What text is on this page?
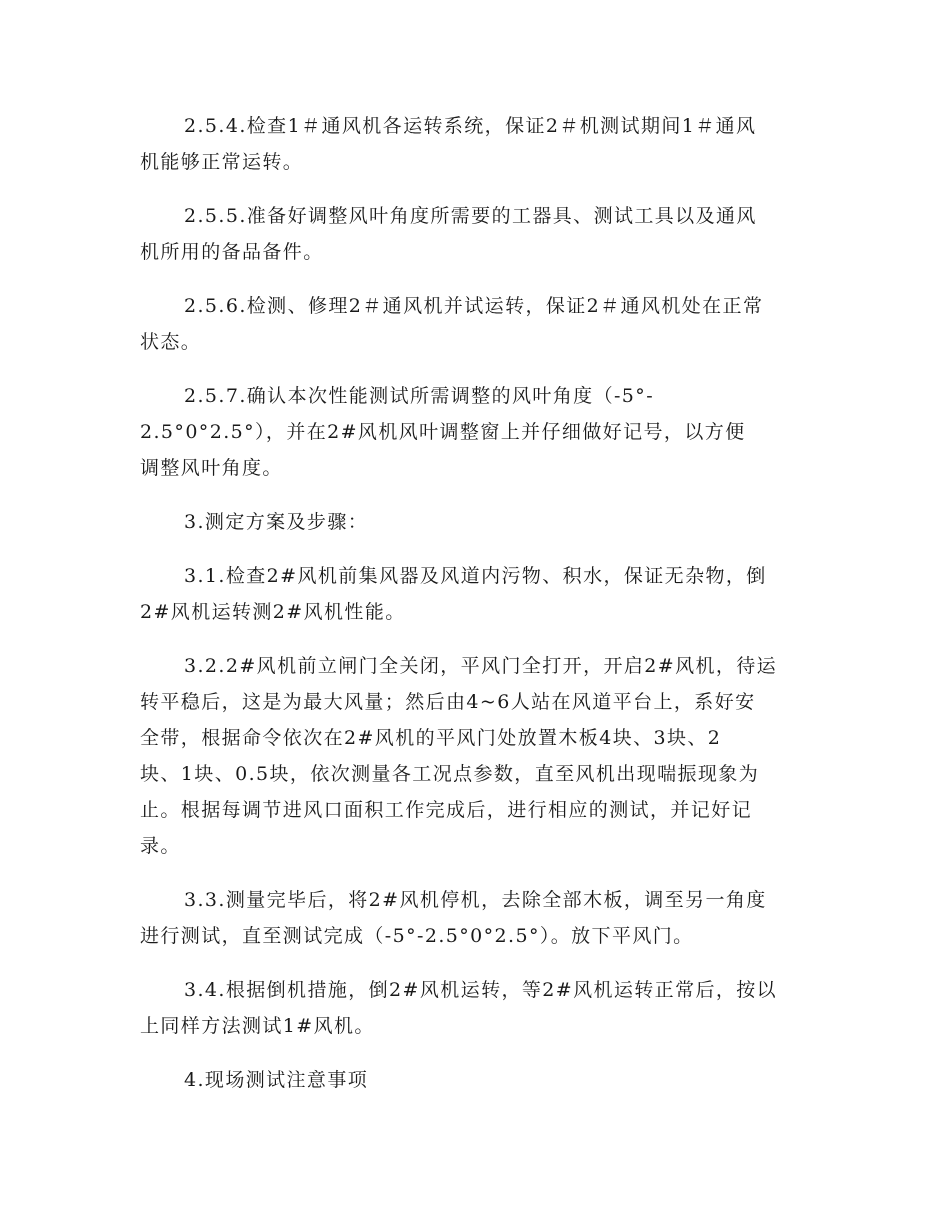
2.5.4.检查1＃通风机各运转系统，保证2＃机测试期间1＃通风
机能够正常运转。

2.5.5.准备好调整风叶角度所需要的工器具、测试工具以及通风
机所用的备品备件。

2.5.6.检测、修理2＃通风机并试运转，保证2＃通风机处在正常
状态。

2.5.7.确认本次性能测试所需调整的风叶角度（-5°-
2.5°0°2.5°），并在2#风机风叶调整窗上并仔细做好记号，以方便
调整风叶角度。

3.测定方案及步骤：

3.1.检查2#风机前集风器及风道内污物、积水，保证无杂物，倒
2#风机运转测2#风机性能。

3.2.2#风机前立闸门全关闭，平风门全打开，开启2#风机，待运
转平稳后，这是为最大风量；然后由4~6人站在风道平台上，系好安
全带，根据命令依次在2#风机的平风门处放置木板4块、3块、2
块、1块、0.5块，依次测量各工况点参数，直至风机出现喘振现象为
止。根据每调节进风口面积工作完成后，进行相应的测试，并记好记
录。

3.3.测量完毕后，将2#风机停机，去除全部木板，调至另一角度
进行测试，直至测试完成（-5°-2.5°0°2.5°）。放下平风门。

3.4.根据倒机措施，倒2#风机运转，等2#风机运转正常后，按以
上同样方法测试1#风机。

4.现场测试注意事项
